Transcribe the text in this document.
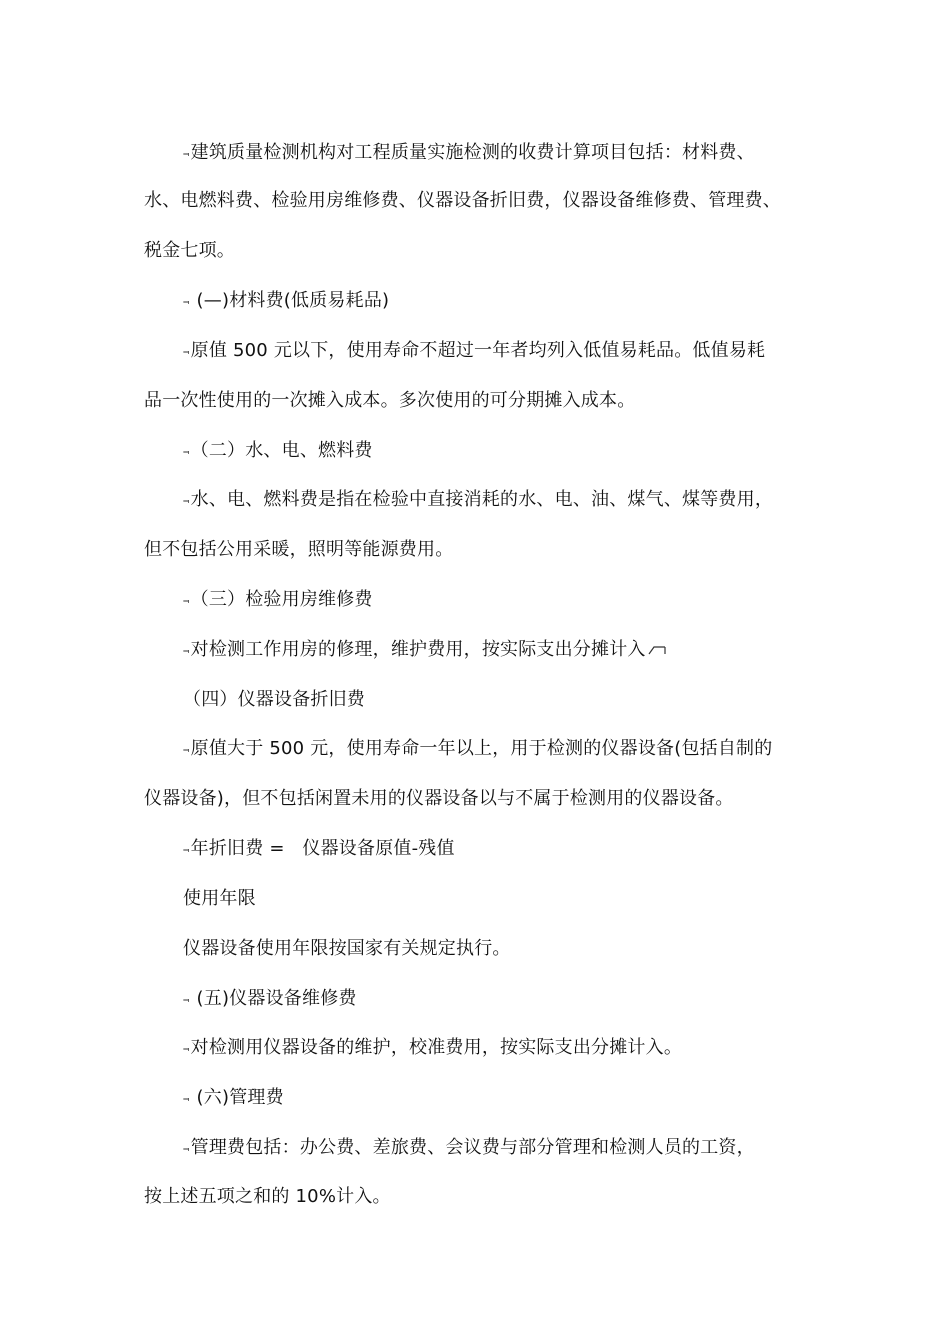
⫬建筑质量检测机构对工程质量实施检测的收费计算项目包括：材料费、
水、电燃料费、检验用房维修费、仪器设备折旧费，仪器设备维修费、管理费、
税金七项。
⫬ (—)材料费(低质易耗品)
⫬原值 500 元以下，使用寿命不超过一年者均列入低值易耗品。低值易耗
品一次性使用的一次摊入成本。多次使用的可分期摊入成本。
⫬（二）水、电、燃料费
⫬水、电、燃料费是指在检验中直接消耗的水、电、油、煤气、煤等费用，
但不包括公用采暖，照明等能源费用。
⫬（三）检验用房维修费
⫬对检测工作用房的修理，维护费用，按实际支出分摊计入
（四）仪器设备折旧费
⫬原值大于 500 元，使用寿命一年以上，用于检测的仪器设备(包括自制的
仪器设备)，但不包括闲置未用的仪器设备以与不属于检测用的仪器设备。
⫬年折旧费 =   仪器设备原值-残值
使用年限
仪器设备使用年限按国家有关规定执行。
⫬ (五)仪器设备维修费
⫬对检测用仪器设备的维护，校准费用，按实际支出分摊计入。
⫬ (六)管理费
⫬管理费包括：办公费、差旅费、会议费与部分管理和检测人员的工资，
按上述五项之和的 10%计入。
